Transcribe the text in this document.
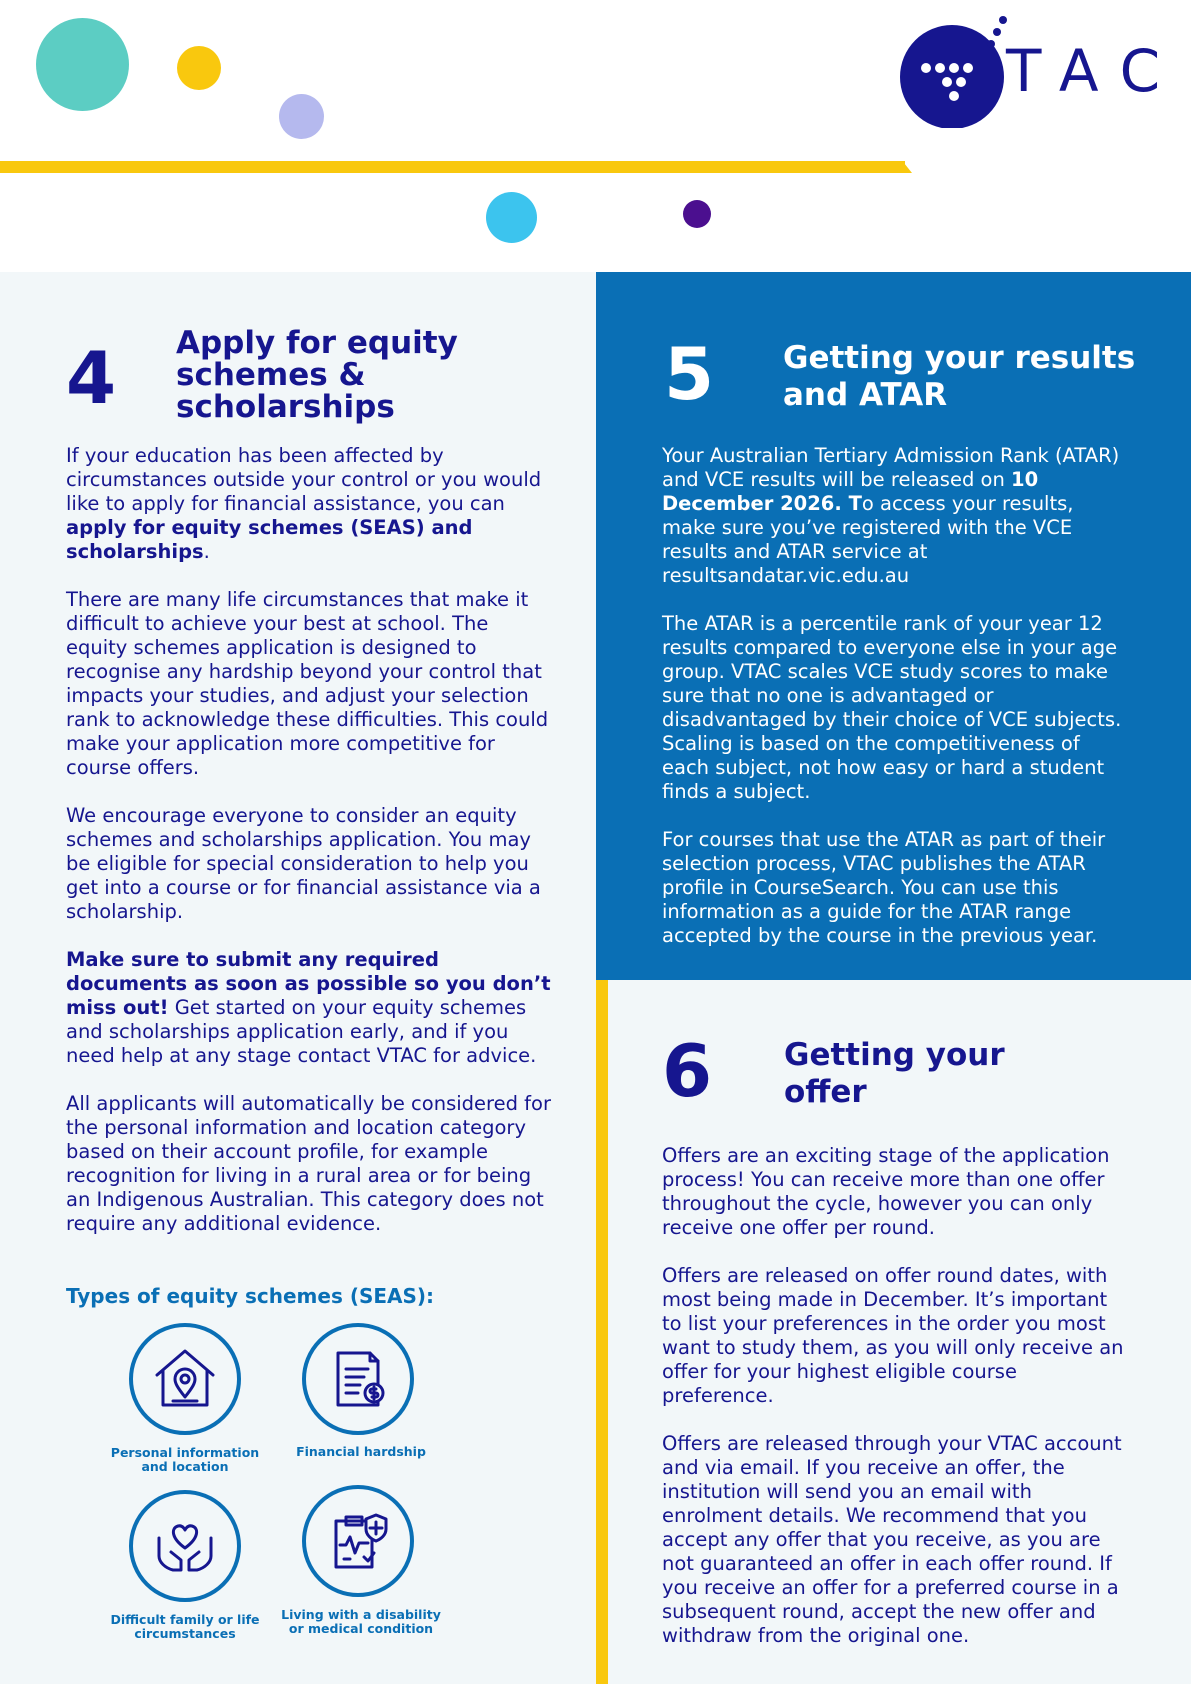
TAC
4 Apply for equity
schemes &
scholarships

If your education has been affected by circumstances outside your control or you would like to apply for financial assistance, you can apply for equity schemes (SEAS) and scholarships.

There are many life circumstances that make it difficult to achieve your best at school. The equity schemes application is designed to recognise any hardship beyond your control that impacts your studies, and adjust your selection rank to acknowledge these difficulties. This could make your application more competitive for course offers.

We encourage everyone to consider an equity schemes and scholarships application. You may be eligible for special consideration to help you get into a course or for financial assistance via a scholarship.

Make sure to submit any required documents as soon as possible so you don’t miss out! Get started on your equity schemes and scholarships application early, and if you need help at any stage contact VTAC for advice.

All applicants will automatically be considered for the personal information and location category based on their account profile, for example recognition for living in a rural area or for being an Indigenous Australian. This category does not require any additional evidence.

Types of equity schemes (SEAS):
Personal information and location
Financial hardship
Difficult family or life circumstances
Living with a disability or medical condition
5 Getting your results
and ATAR

Your Australian Tertiary Admission Rank (ATAR) and VCE results will be released on 10 December 2026. To access your results, make sure you’ve registered with the VCE results and ATAR service at resultsandatar.vic.edu.au

The ATAR is a percentile rank of your year 12 results compared to everyone else in your age group. VTAC scales VCE study scores to make sure that no one is advantaged or disadvantaged by their choice of VCE subjects. Scaling is based on the competitiveness of each subject, not how easy or hard a student finds a subject.

For courses that use the ATAR as part of their selection process, VTAC publishes the ATAR profile in CourseSearch. You can use this information as a guide for the ATAR range accepted by the course in the previous year.

6 Getting your
offer

Offers are an exciting stage of the application process! You can receive more than one offer throughout the cycle, however you can only receive one offer per round.

Offers are released on offer round dates, with most being made in December. It’s important to list your preferences in the order you most want to study them, as you will only receive an offer for your highest eligible course preference.

Offers are released through your VTAC account and via email. If you receive an offer, the institution will send you an email with enrolment details. We recommend that you accept any offer that you receive, as you are not guaranteed an offer in each offer round. If you receive an offer for a preferred course in a subsequent round, accept the new offer and withdraw from the original one.
